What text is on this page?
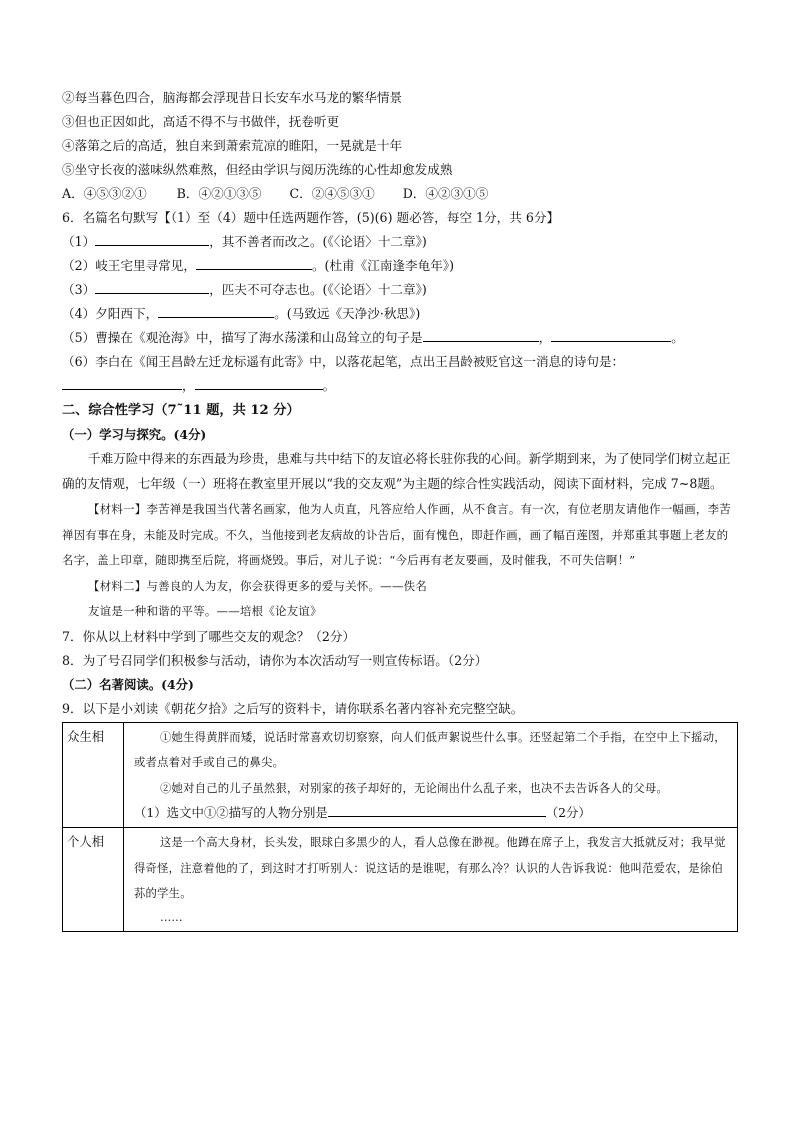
②每当暮色四合，脑海都会浮现昔日长安车水马龙的繁华情景
③但也正因如此，高适不得不与书做伴，抚卷听更
④落第之后的高适，独自来到萧索荒凉的睢阳，一晃就是十年
⑤坐守长夜的滋味纵然难熬，但经由学识与阅历洗练的心性却愈发成熟
A．④⑤③②① B．④②①③⑤ C．②④⑤③① D．④②③①⑤
6．名篇名句默写【（1）至（4）题中任选两题作答，(5)(6) 题必答，每空 1分，共 6分】
（1）	，其不善者而改之。(《〈论语〉十二章》)
（2）岐王宅里寻常见，	。(杜甫《江南逢李龟年》)
（3）	，匹夫不可夺志也。(《〈论语〉十二章》)
（4）夕阳西下，	。(马致远《天净沙·秋思》)
（5）曹操在《观沧海》中，描写了海水荡漾和山岛耸立的句子是	，	。
（6）李白在《闻王昌龄左迁龙标遥有此寄》中，以落花起笔，点出王昌龄被贬官这一消息的诗句是：
，	。
二、综合性学习（7˜11 题，共 12 分）
（一）学习与探究。(4分)
千难万险中得来的东西最为珍贵，患难与共中结下的友谊必将长驻你我的心间。新学期到来，为了使同学们树立起正确的友情观，七年级（一）班将在教室里开展以“我的交友观”为主题的综合性实践活动，阅读下面材料，完成 7~8题。
【材料一】李苦禅是我国当代著名画家，他为人贞直，凡答应给人作画，从不食言。有一次，有位老朋友请他作一幅画，李苦禅因有事在身，未能及时完成。不久，当他接到老友病故的讣告后，面有愧色，即赶作画，画了幅百莲图，并郑重其事题上老友的名字，盖上印章，随即携至后院，将画烧毁。事后，对儿子说：“今后再有老友要画，及时催我，不可失信啊！”
【材料二】与善良的人为友，你会获得更多的爱与关怀。——佚名
友谊是一种和谐的平等。——培根《论友谊》
7．你从以上材料中学到了哪些交友的观念？（2分）
8．为了号召同学们积极参与活动，请你为本次活动写一则宣传标语。（2分）
（二）名著阅读。(4分)
9．以下是小刘读《朝花夕拾》之后写的资料卡，请你联系名著内容补充完整空缺。
众生相	①她生得黄胖而矮，说话时常喜欢切切察察，向人们低声絮说些什么事。还竖起第二个手指，在空中上下摇动，或者点着对手或自己的鼻尖。
②她对自己的儿子虽然狠，对别家的孩子却好的，无论闹出什么乱子来，也决不去告诉各人的父母。
（1）选文中①②描写的人物分别是 （2分）

个人相	这是一个高大身材，长头发，眼球白多黑少的人，看人总像在渺视。他蹲在席子上，我发言大抵就反对；我早觉得奇怪，注意着他的了，到这时才打听别人：说这话的是谁呢，有那么冷？认识的人告诉我说：他叫范爱农，是徐伯荪的学生。
……
